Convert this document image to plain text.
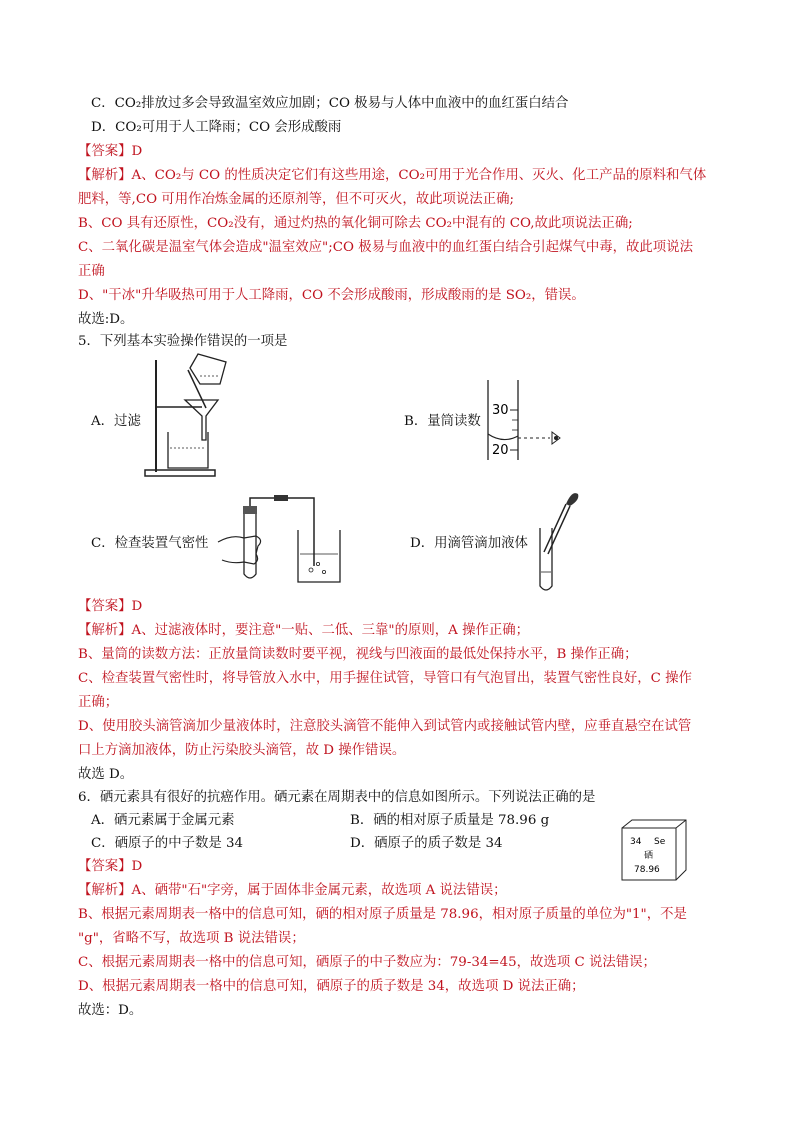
C．CO₂排放过多会导致温室效应加剧；CO 极易与人体中血液中的血红蛋白结合
D．CO₂可用于人工降雨；CO 会形成酸雨
【答案】D
【解析】A、CO₂与 CO 的性质决定它们有这些用途，CO₂可用于光合作用、灭火、化工产品的原料和气体
肥料，等,CO 可用作冶炼金属的还原剂等，但不可灭火，故此项说法正确;
B、CO 具有还原性，CO₂没有，通过灼热的氧化铜可除去 CO₂中混有的 CO,故此项说法正确;
C、二氧化碳是温室气体会造成"温室效应";CO 极易与血液中的血红蛋白结合引起煤气中毒，故此项说法
正确
D、"干冰"升华吸热可用于人工降雨，CO 不会形成酸雨，形成酸雨的是 SO₂，错误。
故选:D。
5．下列基本实验操作错误的一项是
A．过滤	B．量筒读数
30
20
C．检查装置气密性	D．用滴管滴加液体
【答案】D
【解析】A、过滤液体时，要注意"一贴、二低、三靠"的原则，A 操作正确；
B、量筒的读数方法：正放量筒读数时要平视，视线与凹液面的最低处保持水平，B 操作正确；
C、检查装置气密性时，将导管放入水中，用手握住试管，导管口有气泡冒出，装置气密性良好，C 操作
正确；
D、使用胶头滴管滴加少量液体时，注意胶头滴管不能伸入到试管内或接触试管内壁，应垂直悬空在试管
口上方滴加液体，防止污染胶头滴管，故 D 操作错误。
故选 D。
6．硒元素具有很好的抗癌作用。硒元素在周期表中的信息如图所示。下列说法正确的是
A．硒元素属于金属元素	B．硒的相对原子质量是 78.96 g
C．硒原子的中子数是 34	D．硒原子的质子数是 34	34 Se
硒
78.96
【答案】D
【解析】A、硒带"石"字旁，属于固体非金属元素，故选项 A 说法错误；
B、根据元素周期表一格中的信息可知，硒的相对原子质量是 78.96，相对原子质量的单位为"1"，不是
"g"，省略不写，故选项 B 说法错误；
C、根据元素周期表一格中的信息可知，硒原子的中子数应为：79-34=45，故选项 C 说法错误；
D、根据元素周期表一格中的信息可知，硒原子的质子数是 34，故选项 D 说法正确；
故选：D。
